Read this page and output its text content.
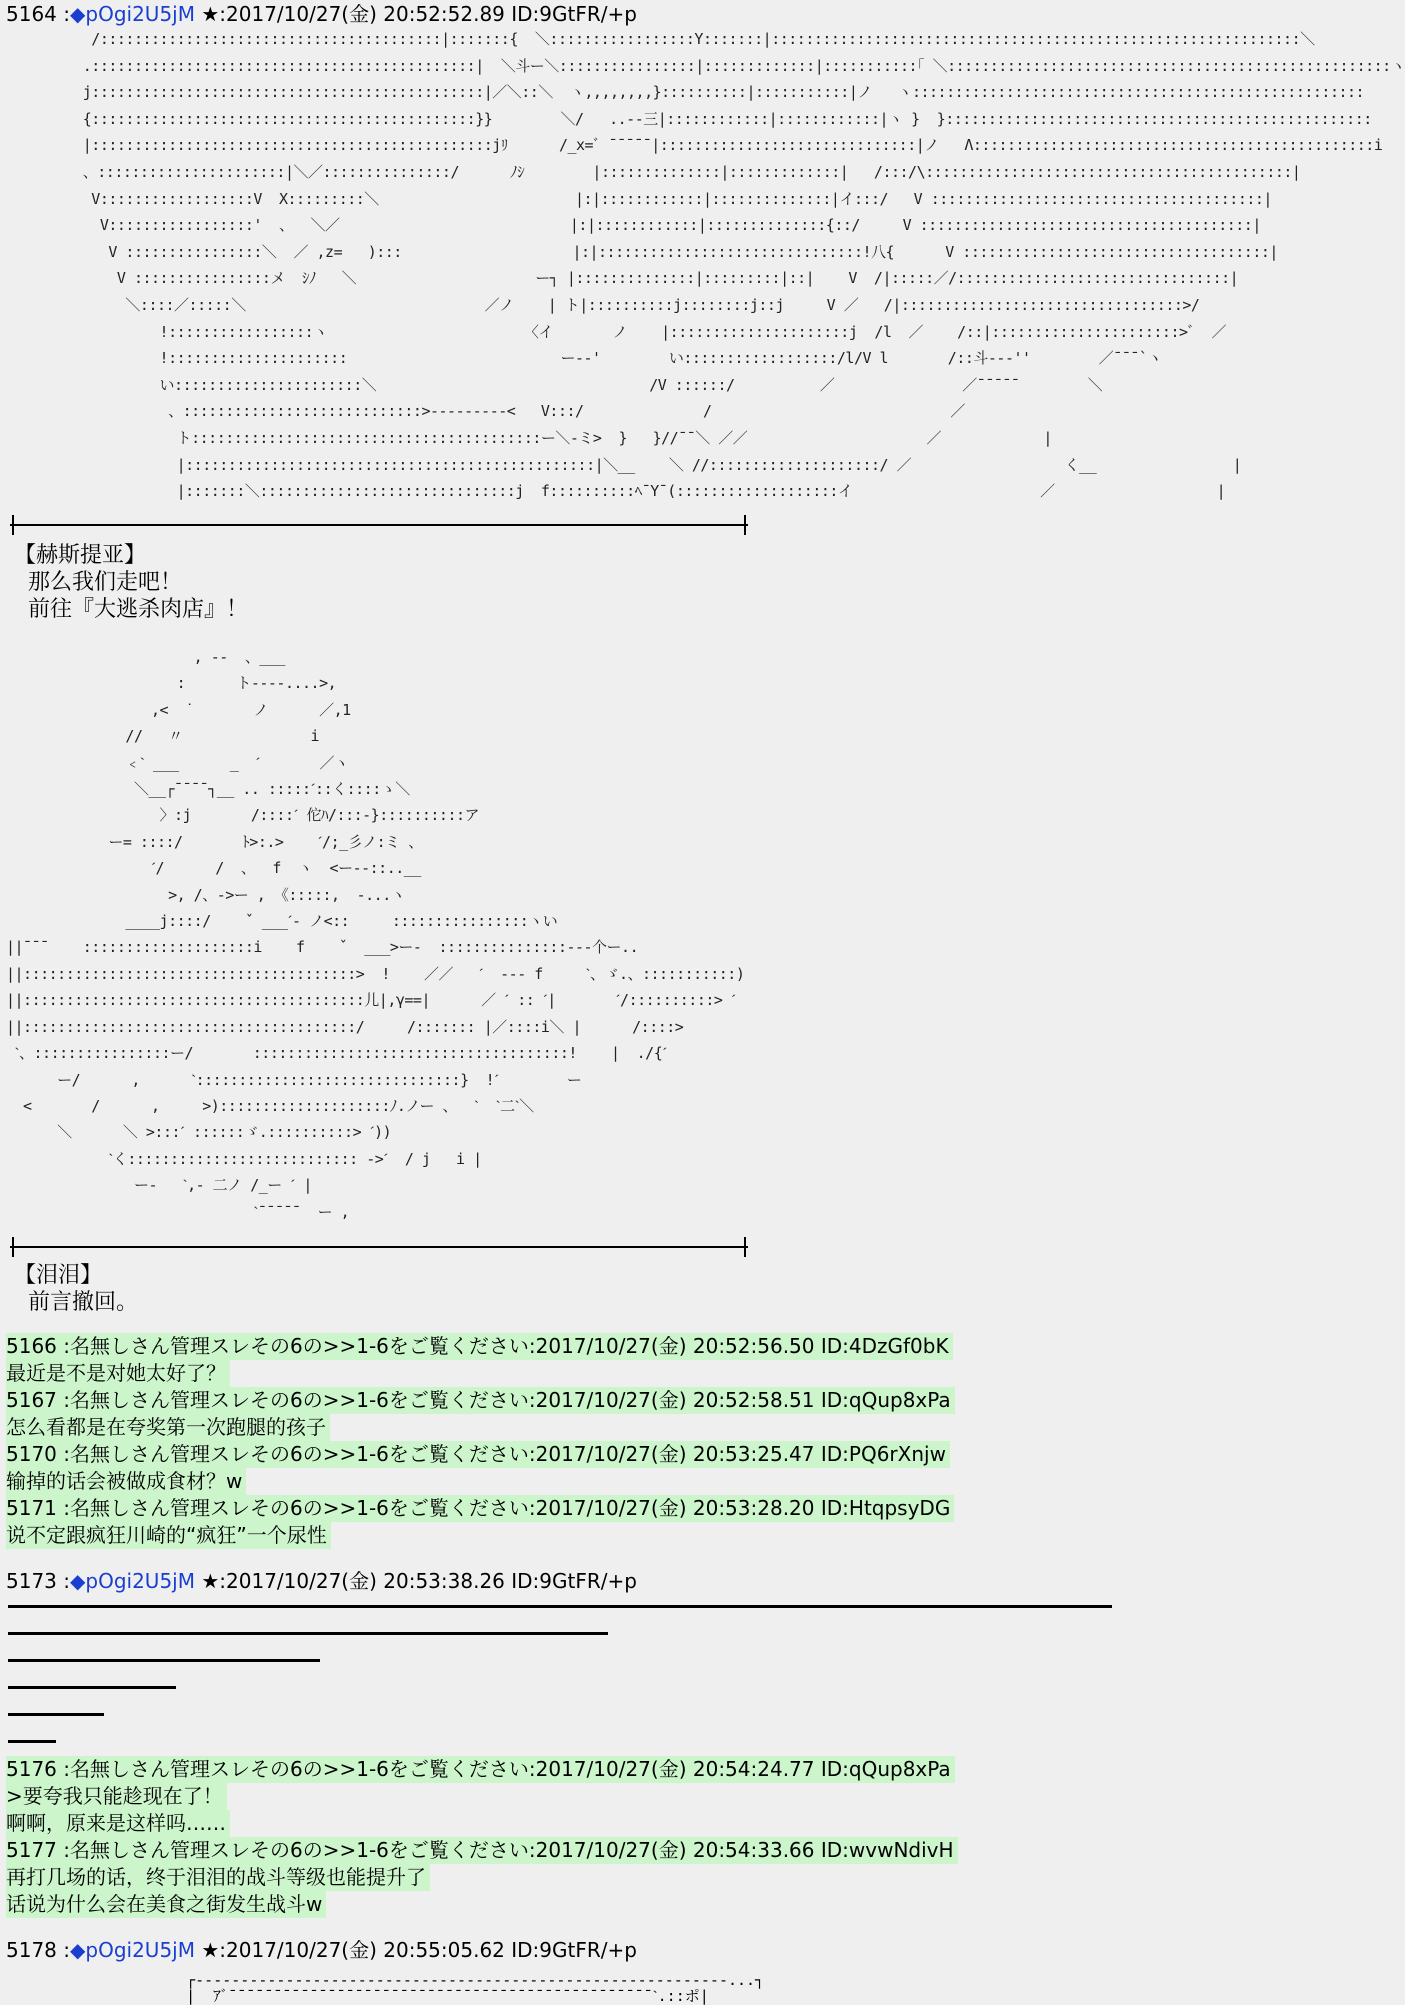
5164 :◆pOgi2U5jM ★:2017/10/27(金) 20:52:52.89 ID:9GtFR/+p
/::::::::::::::::::::::::::::::::::::::::|:::::::{  ＼:::::::::::::::::Y:::::::|::::::::::::::::::::::::::::::::::::::::::::::::::::::::::::::＼
.:::::::::::::::::::::::::::::::::::::::::::::|  ＼斗ー＼::::::::::::::::|:::::::::::::|:::::::::::｢ ＼::::::::::::::::::::::::::::::::::::::::::::::::::::ヽ
j::::::::::::::::::::::::::::::::::::::::::::::|／＼::＼  ヽ,,,,,,,,}::::::::::|:::::::::::|ノ   ヽ:::::::::::::::::::::::::::::::::::::::::::::::::::::
{:::::::::::::::::::::::::::::::::::::::::::::}}        ＼/   ..--三|::::::::::::|::::::::::::|ヽ }  }::::::::::::::::::::::::::::::::::::::::::::::::::
|:::::::::::::::::::::::::::::::::::::::::::::::jﾘ      /_x=ﾞ ¯¯¯¯¯|::::::::::::::::::::::::::::::|ノ   Λ:::::::::::::::::::::::::::::::::::::::::::::::i
、::::::::::::::::::::::|＼／:::::::::::::::/      ﾉｼ        |::::::::::::::|:::::::::::::|   /:::/\:::::::::::::::::::::::::::::::::::::::::::|
V::::::::::::::::::V  X:::::::::＼                       |:|::::::::::::|::::::::::::::|イ:::/   V :::::::::::::::::::::::::::::::::::::::|
V:::::::::::::::::'  、  ＼／                           |:|::::::::::::|::::::::::::::{::/     V :::::::::::::::::::::::::::::::::::::::|
V ::::::::::::::::＼  ／ ,z=   ):::                    |:|:::::::::::::::::::::::::::::::!八{      V ::::::::::::::::::::::::::::::::::::|
V ::::::::::::::::メ  ｼﾉ   ＼                     ー┐ |::::::::::::::|:::::::::|::|    V  /|:::::／/::::::::::::::::::::::::::::::::|
＼::::／:::::＼                            ／ノ    | ト|::::::::::j::::::::j::j     V ／   /|:::::::::::::::::::::::::::::::::>/
!:::::::::::::::::ヽ                       〈イ       ノ    |:::::::::::::::::::::j  /l  ／    /::|::::::::::::::::::::::>ﾞ  ／
!:::::::::::::::::::::                         ー--'        い::::::::::::::::::/l/V l       /::斗---''        ／¯¯¯`ヽ
い::::::::::::::::::::::＼                                /V ::::::/          ／               ／¯¯¯¯¯        ＼
、::::::::::::::::::::::::::::>---------<   V:::/              /                            ／
ト:::::::::::::::::::::::::::::::::::::::::ー＼-ミ>  }   }//¯¯＼ ／／                     ／            |
|::::::::::::::::::::::::::::::::::::::::::::::::|＼__    ＼ //::::::::::::::::::::/ ／                  く__                |
|:::::::＼::::::::::::::::::::::::::::::j  f::::::::::ﾍ¯Y¯(:::::::::::::::::::イ                      ／                   |
【赫斯提亚】
那么我们走吧！
前往『大逃杀肉店』！
, --  、___
:      ト----....>,
,<  ˙       ノ      ／,1
//   〃               i
﹤ˋ ___      _  ˊ       ／ヽ
＼__┌¯¯¯¯┐__ .. :::::ˊ::く::::ゝ＼
〉:j       /::::ˊ 佗ﾊ/:::-}::::::::::ア
ー= ::::/       ﾄ>:.>    ˊ/;_彡ノ:ミ 、
ˊ/      /  、  f  ヽ  <ー--::..__
>, /、->ー , 《:::::,  -...ヽ
____j::::/    ˇ ___ˊ- ノ<::     ::::::::::::::::ヽい
||¯¯¯    ::::::::::::::::::::i    f    ˇ  ___>ー-  :::::::::::::::---个ー..
||:::::::::::::::::::::::::::::::::::::::>  !    ／／   ˊ  --- f     ˋ、ゞ.、:::::::::::)
||::::::::::::::::::::::::::::::::::::::::儿|,γ==|      ／ ˊ :: ˊ|       ˊ/::::::::::> ˊ
||:::::::::::::::::::::::::::::::::::::::/     /::::::: |／::::i＼ |      /::::>
ˋ、::::::::::::::::ー/       :::::::::::::::::::::::::::::::::::::!    |  ./{ˊ
ー/      ,      ˋ:::::::::::::::::::::::::::::::}  !ˊ        ー
<       /      ,     >)::::::::::::::::::::ﾉ.ノー 、  ˋ  ˋ二ˋ＼
＼      ＼ >:::ˊ ::::::ゞ.::::::::::> ˊ))
ˋく::::::::::::::::::::::::::: ->ˊ  / j   i |
ー-   ˋ,- 二ノ /_ー ˊ |
ˋ¯¯¯¯¯  ー ,
【泪泪】
前言撤回。
5166 :名無しさん管理スレその6の>>1-6をご覧ください:2017/10/27(金) 20:52:56.50 ID:4DzGf0bK
最近是不是对她太好了？
5167 :名無しさん管理スレその6の>>1-6をご覧ください:2017/10/27(金) 20:52:58.51 ID:qQup8xPa
怎么看都是在夸奖第一次跑腿的孩子
5170 :名無しさん管理スレその6の>>1-6をご覧ください:2017/10/27(金) 20:53:25.47 ID:PQ6rXnjw
输掉的话会被做成食材？w
5171 :名無しさん管理スレその6の>>1-6をご覧ください:2017/10/27(金) 20:53:28.20 ID:HtqpsyDG
说不定跟疯狂川崎的“疯狂”一个尿性
5173 :◆pOgi2U5jM ★:2017/10/27(金) 20:53:38.26 ID:9GtFR/+p
5176 :名無しさん管理スレその6の>>1-6をご覧ください:2017/10/27(金) 20:54:24.77 ID:qQup8xPa
>要夸我只能趁现在了！
啊啊，原来是这样吗……
5177 :名無しさん管理スレその6の>>1-6をご覧ください:2017/10/27(金) 20:54:33.66 ID:wvwNdivH
再打几场的话，终于泪泪的战斗等级也能提升了
话说为什么会在美食之街发生战斗w
5178 :◆pOgi2U5jM ★:2017/10/27(金) 20:55:05.62 ID:9GtFR/+p
┌-----------------------------------------------------------...┐
|  ｱﾞ¯¯¯¯¯¯¯¯¯¯¯¯¯¯¯¯¯¯¯¯¯¯¯¯¯¯¯¯¯¯¯¯¯¯¯¯¯¯¯¯¯¯¯¯¯¯¯ˋ.::ポ|
